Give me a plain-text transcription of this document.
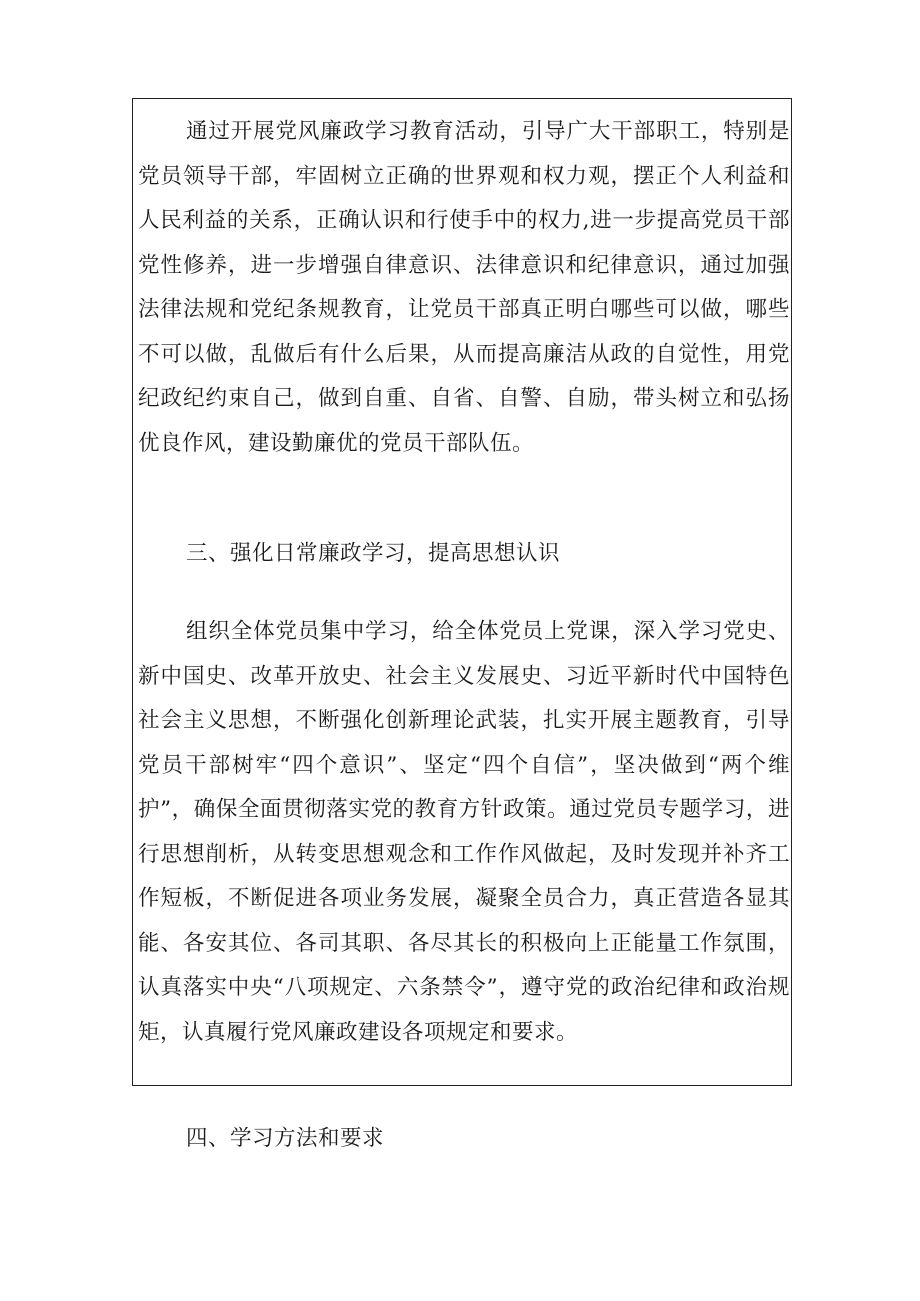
通过开展党风廉政学习教育活动，引导广大干部职工，特别是党员领导干部，牢固树立正确的世界观和权力观，摆正个人利益和人民利益的关系，正确认识和行使手中的权力,进一步提高党员干部党性修养，进一步增强自律意识、法律意识和纪律意识，通过加强法律法规和党纪条规教育，让党员干部真正明白哪些可以做，哪些不可以做，乱做后有什么后果，从而提高廉洁从政的自觉性，用党纪政纪约束自己，做到自重、自省、自警、自励，带头树立和弘扬优良作风，建设勤廉优的党员干部队伍。

三、强化日常廉政学习，提高思想认识

组织全体党员集中学习，给全体党员上党课，深入学习党史、新中国史、改革开放史、社会主义发展史、习近平新时代中国特色社会主义思想，不断强化创新理论武装，扎实开展主题教育，引导党员干部树牢“四个意识”、坚定“四个自信”，坚决做到“两个维护”，确保全面贯彻落实党的教育方针政策。通过党员专题学习，进行思想削析，从转变思想观念和工作作风做起，及时发现并补齐工作短板，不断促进各项业务发展，凝聚全员合力，真正营造各显其能、各安其位、各司其职、各尽其长的积极向上正能量工作氛围，认真落实中央“八项规定、六条禁令”，遵守党的政治纪律和政治规矩，认真履行党风廉政建设各项规定和要求。

四、学习方法和要求
